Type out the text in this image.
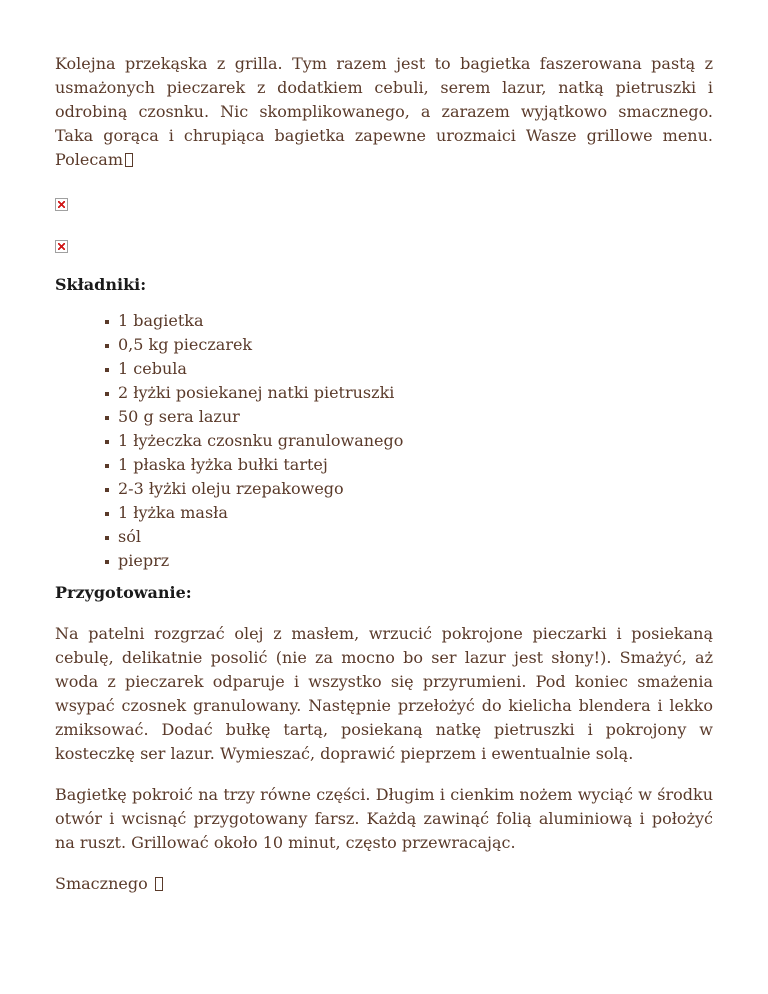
Kolejna przekąska z grilla. Tym razem jest to bagietka faszerowana pastą z usmażonych pieczarek z dodatkiem cebuli, serem lazur, natką pietruszki i odrobiną czosnku. Nic skomplikowanego, a zarazem wyjątkowo smacznego. Taka gorąca i chrupiąca bagietka zapewne urozmaici Wasze grillowe menu. Polecam

Składniki:

1 bagietka
0,5 kg pieczarek
1 cebula
2 łyżki posiekanej natki pietruszki
50 g sera lazur
1 łyżeczka czosnku granulowanego
1 płaska łyżka bułki tartej
2-3 łyżki oleju rzepakowego
1 łyżka masła
sól
pieprz

Przygotowanie:

Na patelni rozgrzać olej z masłem, wrzucić pokrojone pieczarki i posiekaną cebulę, delikatnie posolić (nie za mocno bo ser lazur jest słony!). Smażyć, aż woda z pieczarek odparuje i wszystko się przyrumieni. Pod koniec smażenia wsypać czosnek granulowany. Następnie przełożyć do kielicha blendera i lekko zmiksować. Dodać bułkę tartą, posiekaną natkę pietruszki i pokrojony w kosteczkę ser lazur. Wymieszać, doprawić pieprzem i ewentualnie solą.

Bagietkę pokroić na trzy równe części. Długim i cienkim nożem wyciąć w środku otwór i wcisnąć przygotowany farsz. Każdą zawinąć folią aluminiową i położyć na ruszt. Grillować około 10 minut, często przewracając.

Smacznego
